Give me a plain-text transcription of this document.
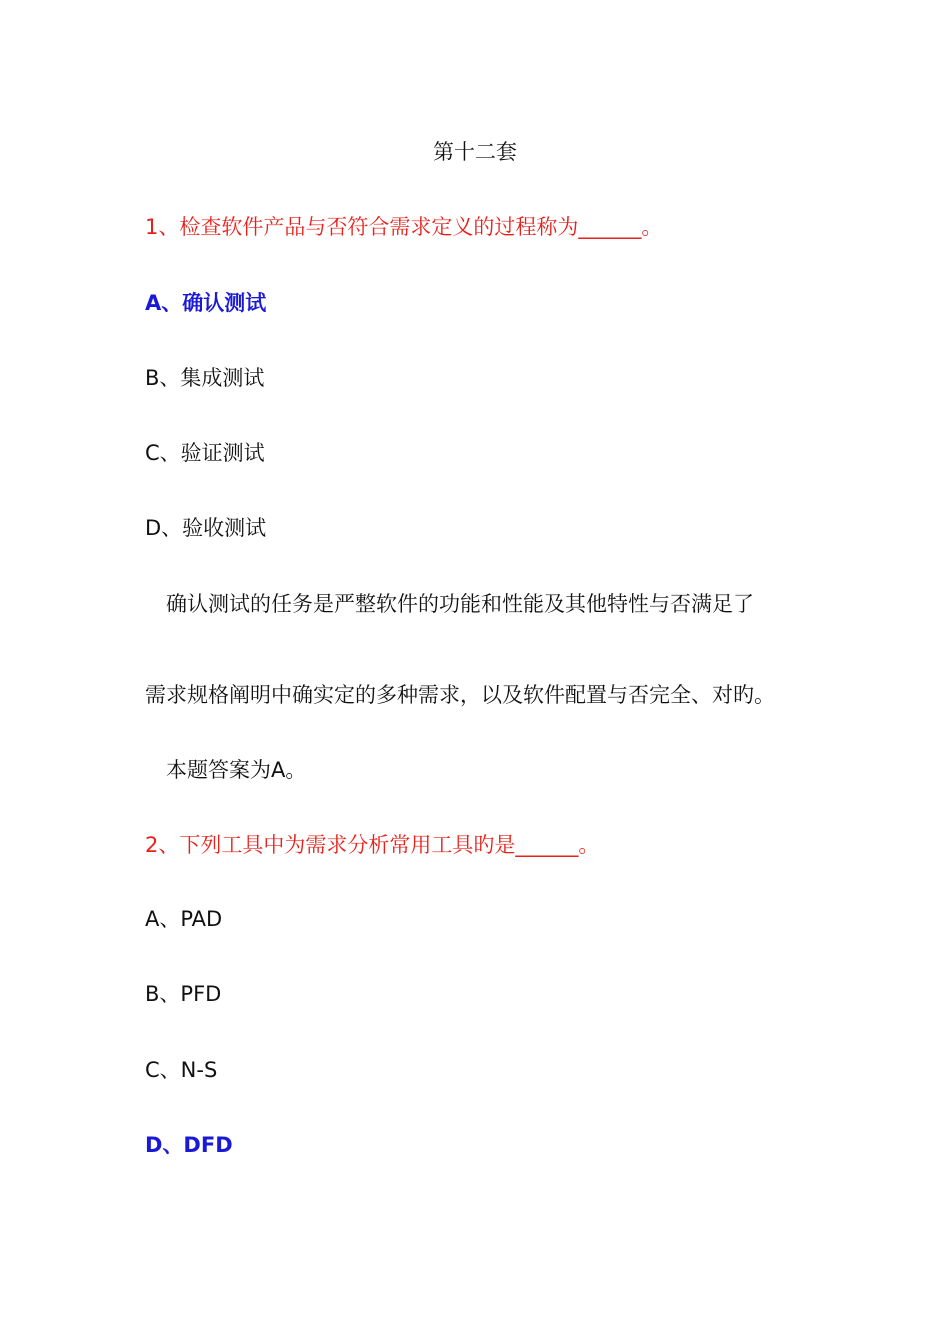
第十二套
1、检查软件产品与否符合需求定义的过程称为______。
A、确认测试
B、集成测试
C、验证测试
D、验收测试
确认测试的任务是严整软件的功能和性能及其他特性与否满足了
需求规格阐明中确实定的多种需求，以及软件配置与否完全、对旳。
本题答案为A。
2、下列工具中为需求分析常用工具旳是______。
A、PAD
B、PFD
C、N-S
D、DFD
